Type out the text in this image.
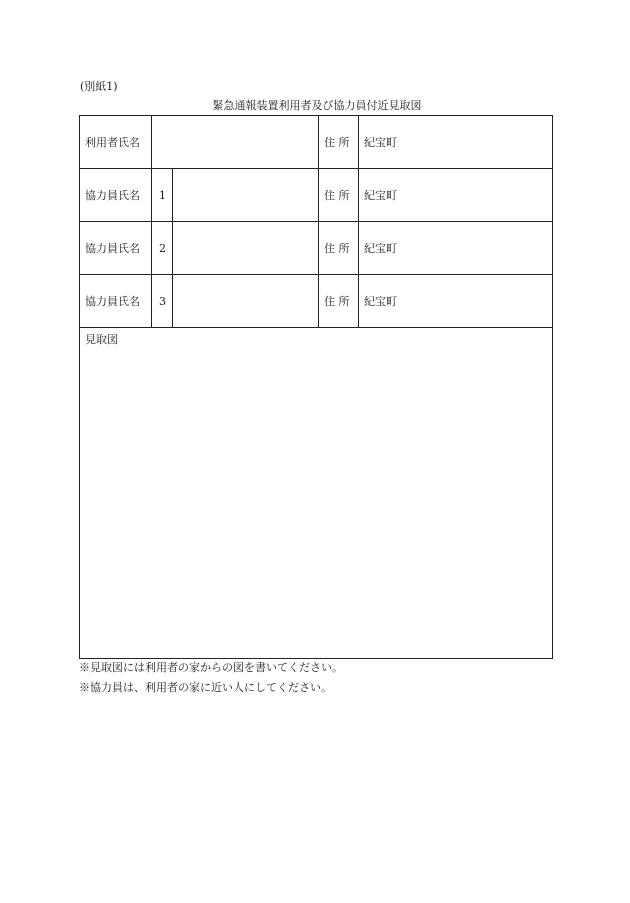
(別紙1)
緊急通報装置利用者及び協力員付近見取図
利用者氏名			住 所	紀宝町
協力員氏名	1		住 所	紀宝町
協力員氏名	2		住 所	紀宝町
協力員氏名	3		住 所	紀宝町
見取図				
※見取図には利用者の家からの図を書いてください。
※協力員は、利用者の家に近い人にしてください。
